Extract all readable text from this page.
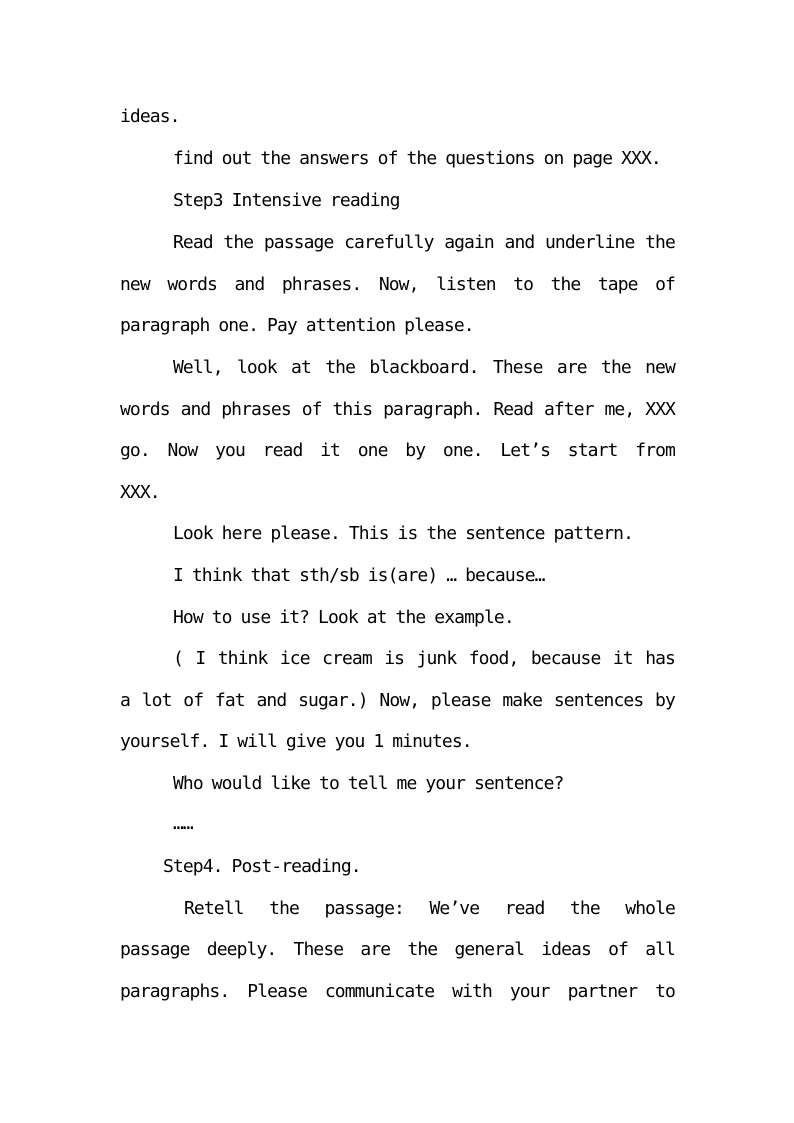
ideas.
find out the answers of the questions on page XXX.
Step3 Intensive reading
Read the passage carefully again and underline the
new words and phrases. Now, listen to the tape of
paragraph one. Pay attention please.
Well, look at the blackboard. These are the new
words and phrases of this paragraph. Read after me, XXX
go. Now you read it one by one. Let’s start from
XXX.
Look here please. This is the sentence pattern.
I think that sth/sb is(are) … because…
How to use it? Look at the example.
( I think ice cream is junk food, because it has
a lot of fat and sugar.) Now, please make sentences by
yourself. I will give you 1 minutes.
Who would like to tell me your sentence?
……
Step4. Post-reading.
Retell the passage: We’ve read the whole
passage deeply. These are the general ideas of all
paragraphs. Please communicate with your partner to
